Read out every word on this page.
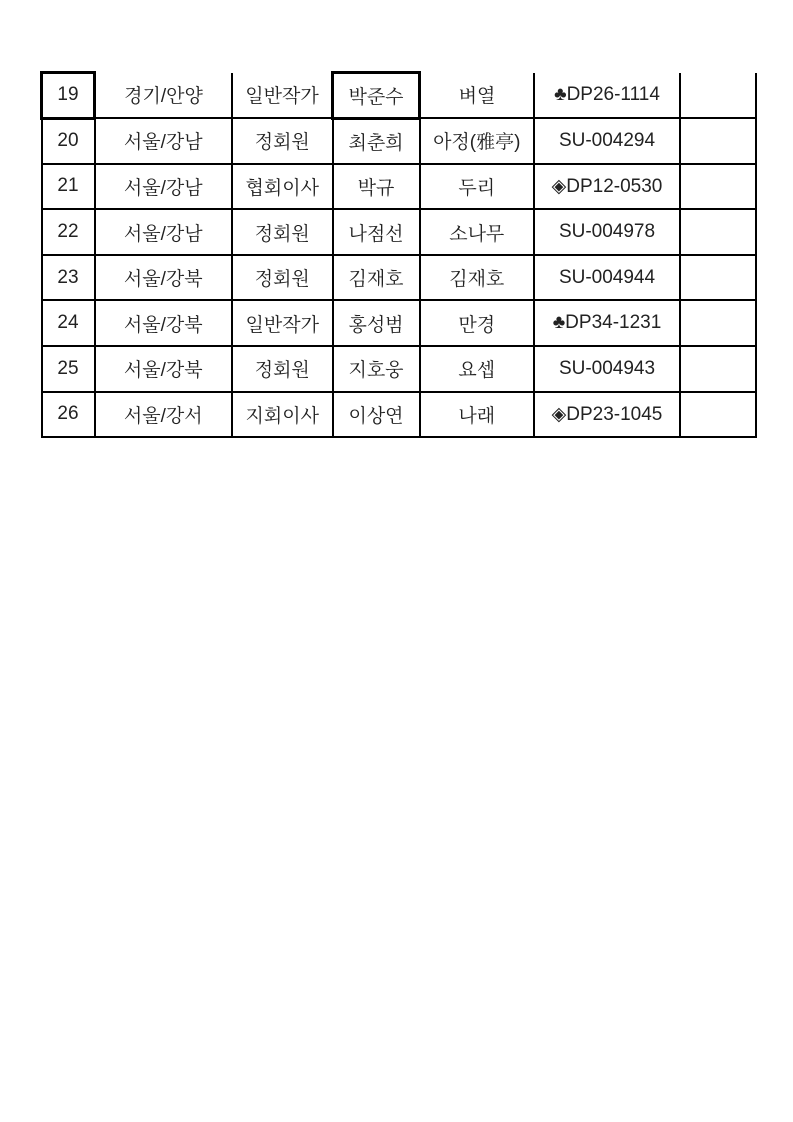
19	경기/안양	일반작가	박준수	벼열	♣DP26-1114	
20	서울/강남	정회원	최춘희	아정(雅亭)	SU-004294	
21	서울/강남	협회이사	박규	두리	◈DP12-0530	
22	서울/강남	정회원	나점선	소나무	SU-004978	
23	서울/강북	정회원	김재호	김재호	SU-004944	
24	서울/강북	일반작가	홍성범	만경	♣DP34-1231	
25	서울/강북	정회원	지호웅	요셉	SU-004943	
26	서울/강서	지회이사	이상연	나래	◈DP23-1045	
